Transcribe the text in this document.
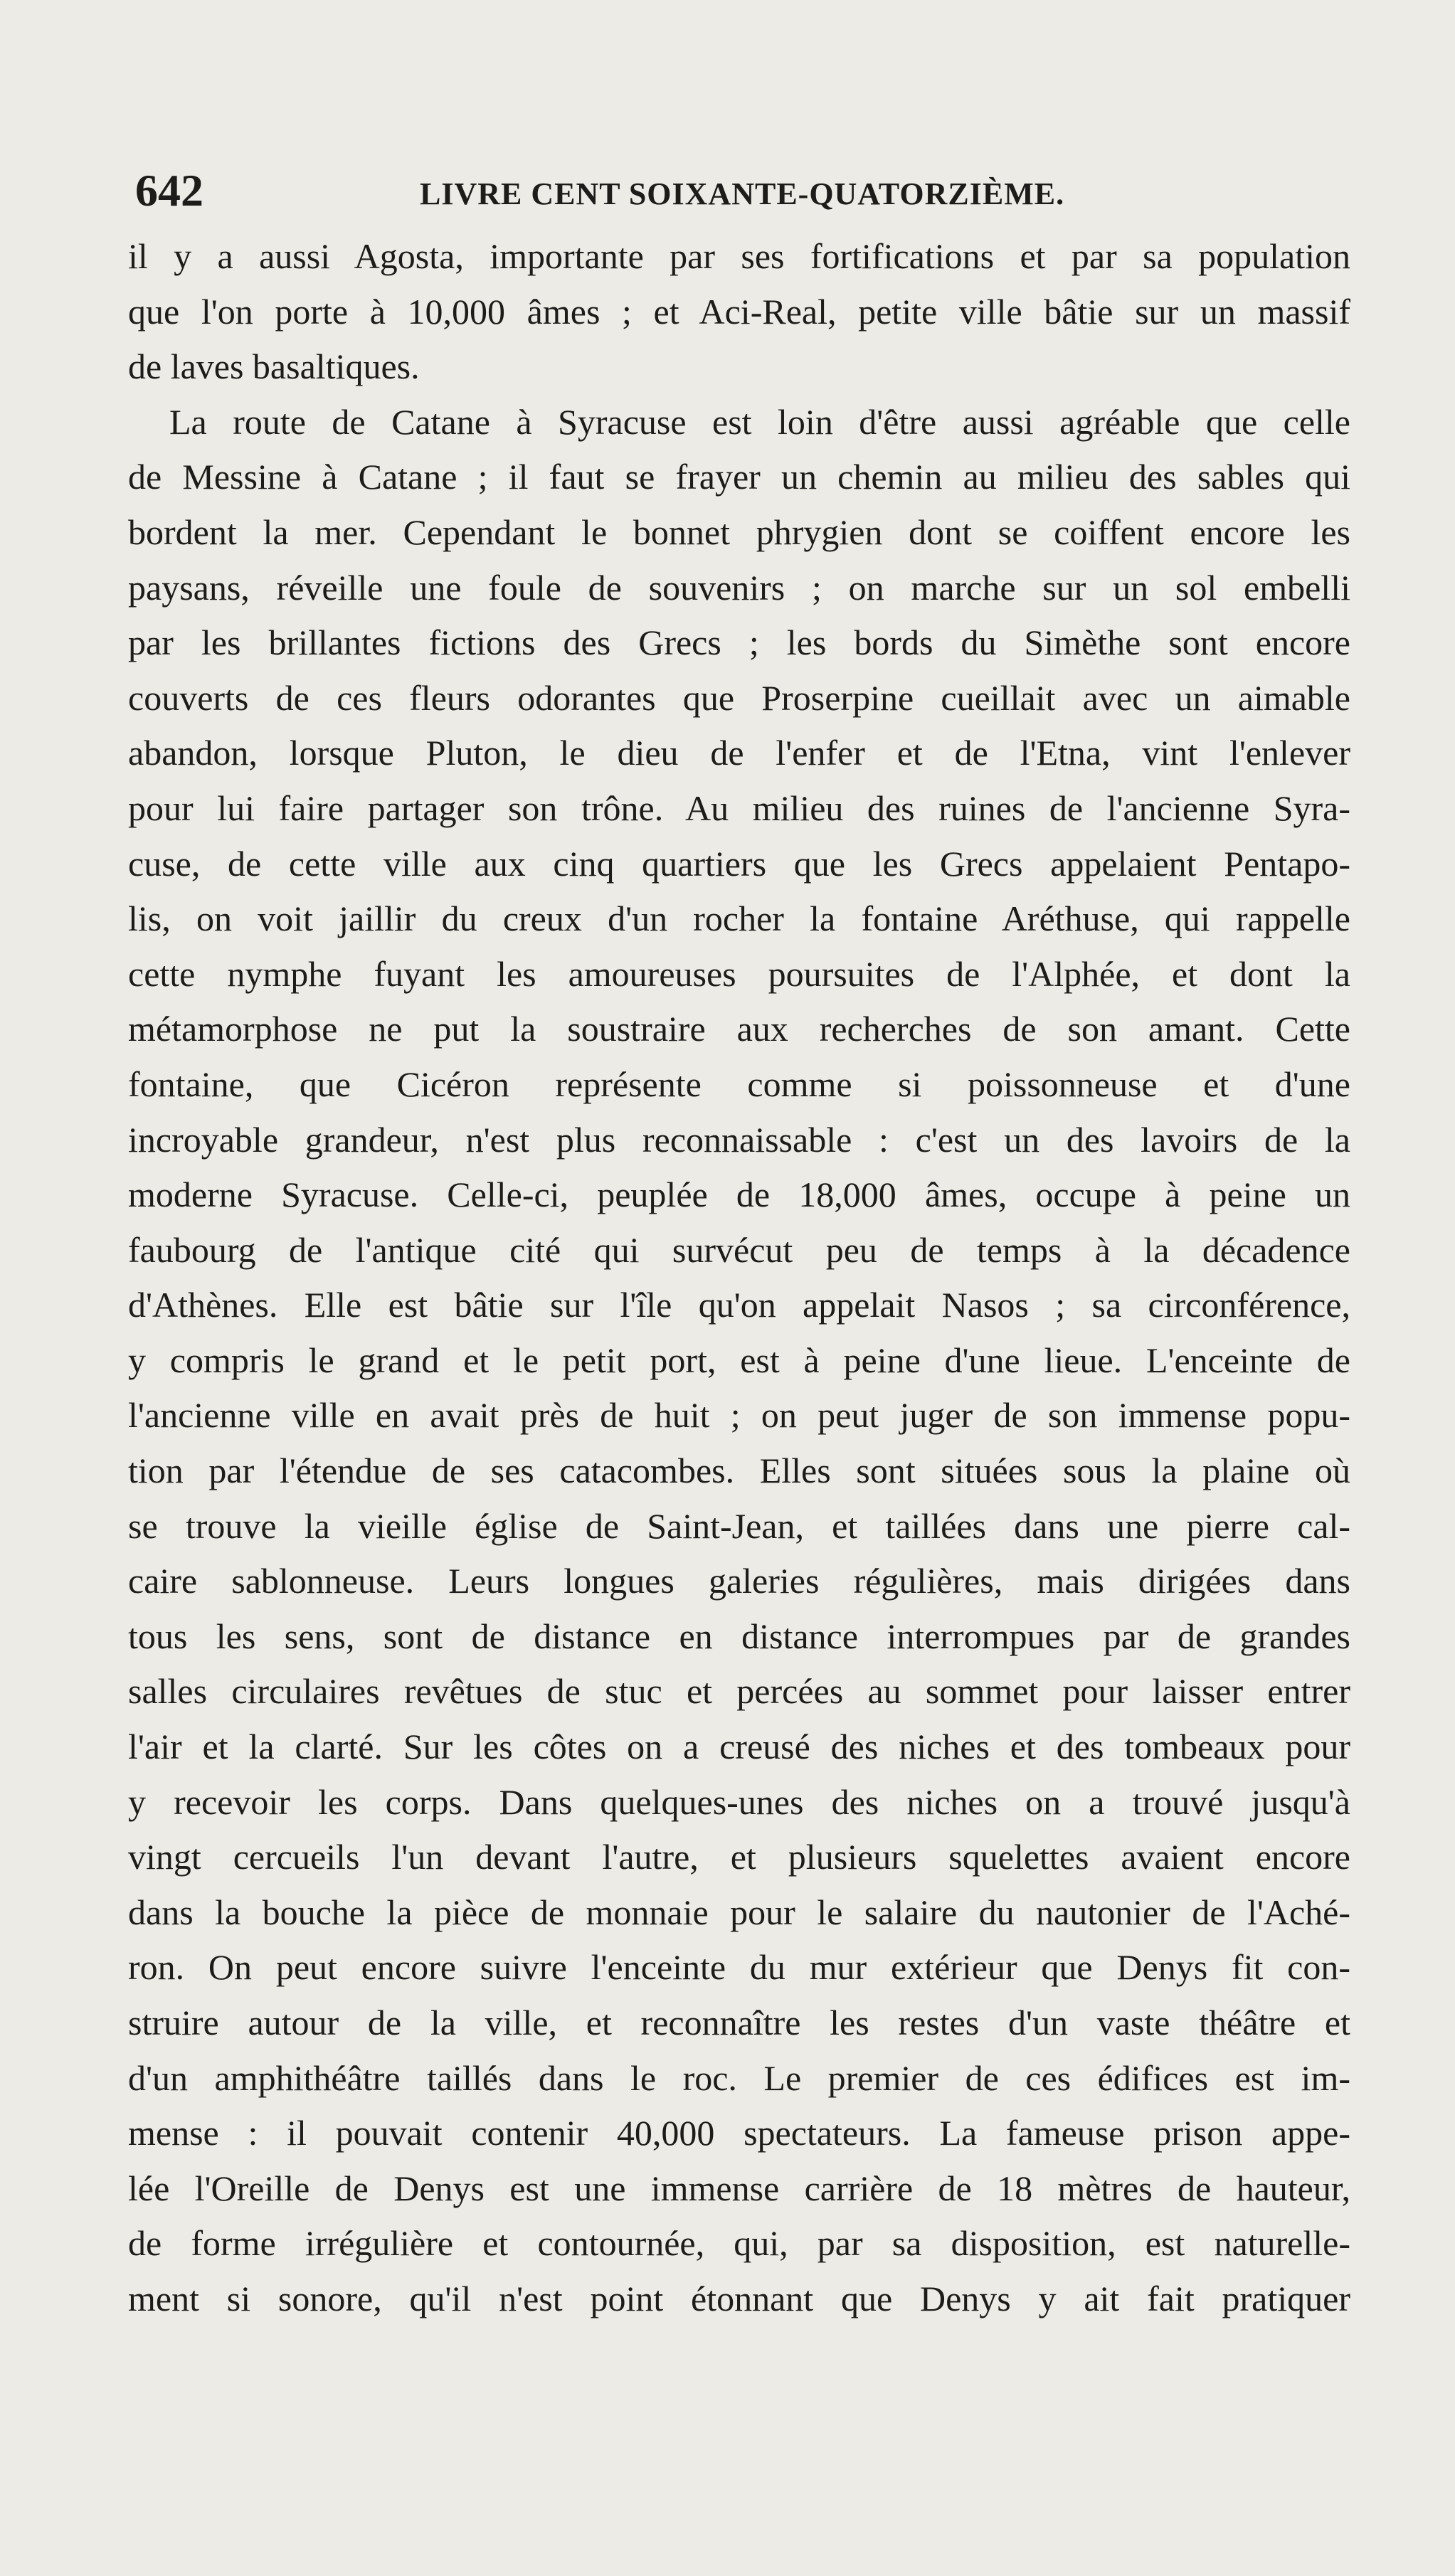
642	LIVRE CENT SOIXANTE-QUATORZIÈME.
il y a aussi Agosta, importante par ses fortifications et par sa population
que l'on porte à 10,000 âmes ; et Aci-Real, petite ville bâtie sur un massif
de laves basaltiques.
La route de Catane à Syracuse est loin d'être aussi agréable que celle
de Messine à Catane ; il faut se frayer un chemin au milieu des sables qui
bordent la mer. Cependant le bonnet phrygien dont se coiffent encore les
paysans, réveille une foule de souvenirs ; on marche sur un sol embelli
par les brillantes fictions des Grecs ; les bords du Simèthe sont encore
couverts de ces fleurs odorantes que Proserpine cueillait avec un aimable
abandon, lorsque Pluton, le dieu de l'enfer et de l'Etna, vint l'enlever
pour lui faire partager son trône. Au milieu des ruines de l'ancienne Syra-
cuse, de cette ville aux cinq quartiers que les Grecs appelaient Pentapo-
lis, on voit jaillir du creux d'un rocher la fontaine Aréthuse, qui rappelle
cette nymphe fuyant les amoureuses poursuites de l'Alphée, et dont la
métamorphose ne put la soustraire aux recherches de son amant. Cette
fontaine, que Cicéron représente comme si poissonneuse et d'une
incroyable grandeur, n'est plus reconnaissable : c'est un des lavoirs de la
moderne Syracuse. Celle-ci, peuplée de 18,000 âmes, occupe à peine un
faubourg de l'antique cité qui survécut peu de temps à la décadence
d'Athènes. Elle est bâtie sur l'île qu'on appelait Nasos ; sa circonférence,
y compris le grand et le petit port, est à peine d'une lieue. L'enceinte de
l'ancienne ville en avait près de huit ; on peut juger de son immense popu-
tion par l'étendue de ses catacombes. Elles sont situées sous la plaine où
se trouve la vieille église de Saint-Jean, et taillées dans une pierre cal-
caire sablonneuse. Leurs longues galeries régulières, mais dirigées dans
tous les sens, sont de distance en distance interrompues par de grandes
salles circulaires revêtues de stuc et percées au sommet pour laisser entrer
l'air et la clarté. Sur les côtes on a creusé des niches et des tombeaux pour
y recevoir les corps. Dans quelques-unes des niches on a trouvé jusqu'à
vingt cercueils l'un devant l'autre, et plusieurs squelettes avaient encore
dans la bouche la pièce de monnaie pour le salaire du nautonier de l'Aché-
ron. On peut encore suivre l'enceinte du mur extérieur que Denys fit con-
struire autour de la ville, et reconnaître les restes d'un vaste théâtre et
d'un amphithéâtre taillés dans le roc. Le premier de ces édifices est im-
mense : il pouvait contenir 40,000 spectateurs. La fameuse prison appe-
lée l'Oreille de Denys est une immense carrière de 18 mètres de hauteur,
de forme irrégulière et contournée, qui, par sa disposition, est naturelle-
ment si sonore, qu'il n'est point étonnant que Denys y ait fait pratiquer
